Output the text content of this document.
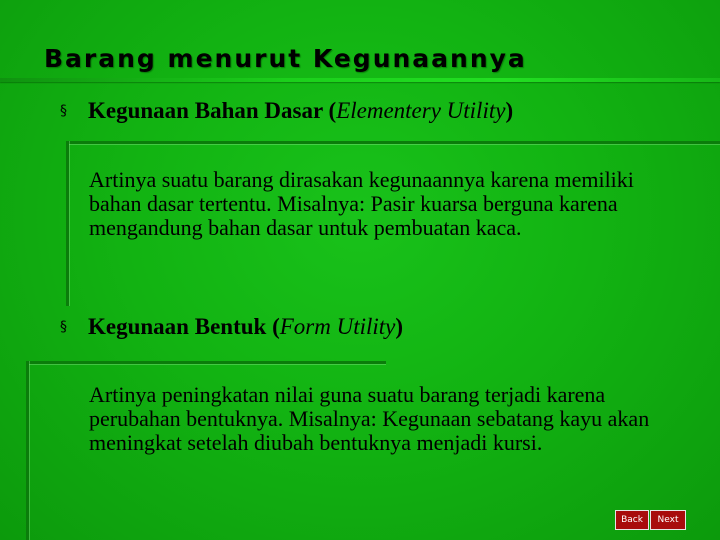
Barang menurut Kegunaannya
§ Kegunaan Bahan Dasar (Elementery Utility)
Artinya suatu barang dirasakan kegunaannya karena memiliki bahan dasar tertentu. Misalnya: Pasir kuarsa berguna karena mengandung bahan dasar untuk pembuatan kaca.
§ Kegunaan Bentuk (Form Utility)
Artinya peningkatan nilai guna suatu barang terjadi karena perubahan bentuknya. Misalnya: Kegunaan sebatang kayu akan meningkat setelah diubah bentuknya menjadi kursi.
Back	Next
